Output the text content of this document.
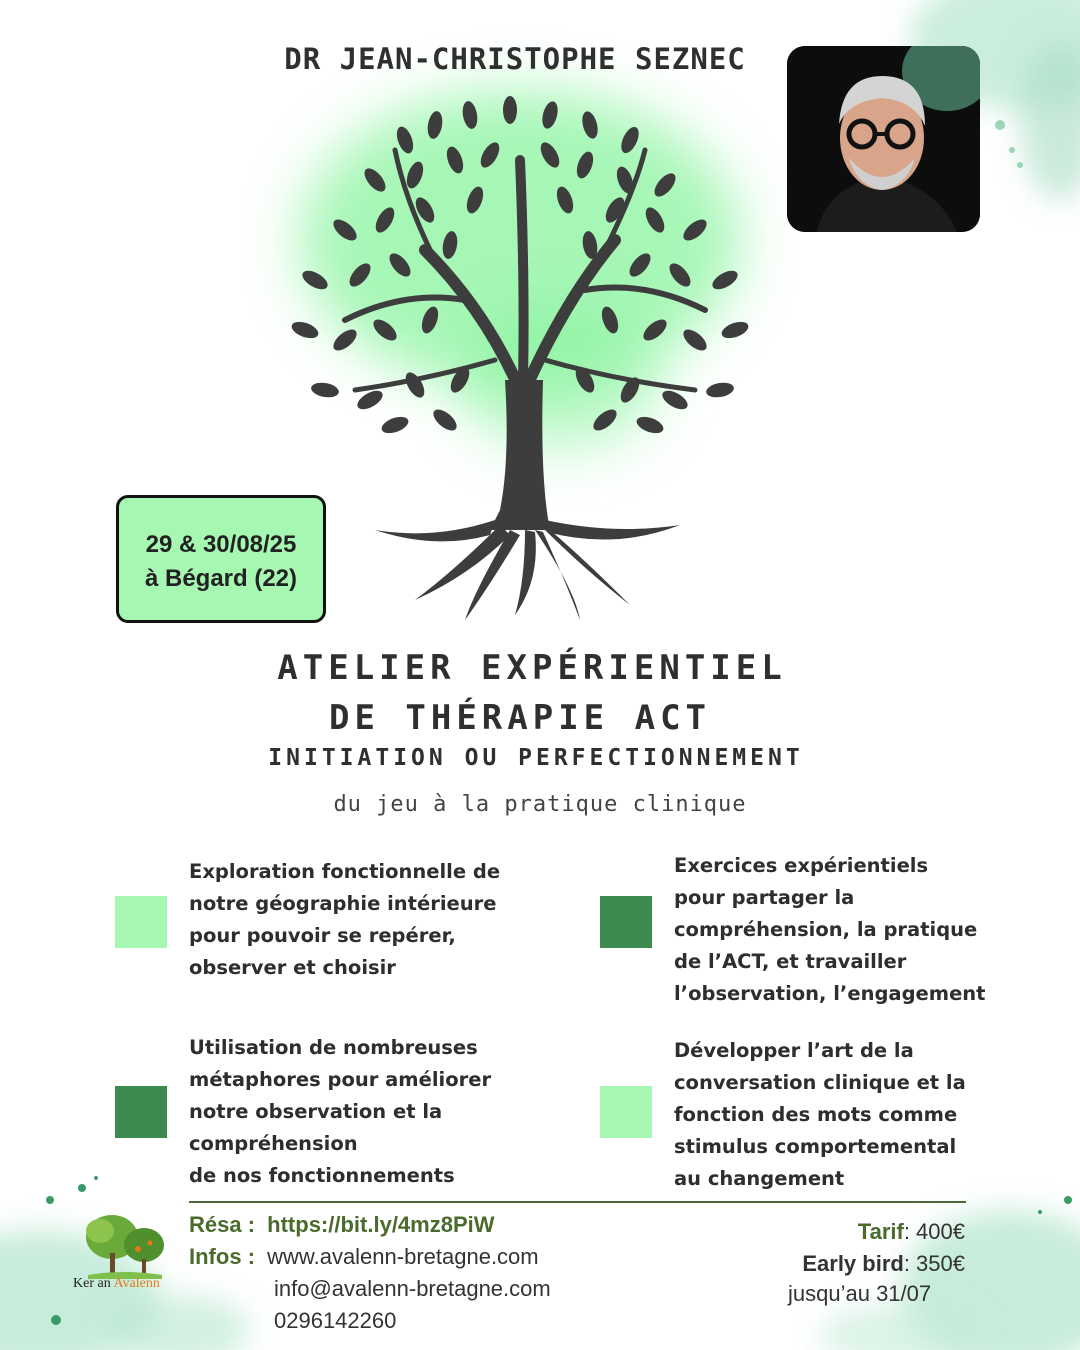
DR JEAN-CHRISTOPHE SEZNEC
29 & 30/08/25
à Bégard (22)
ATELIER EXPÉRIENTIEL
DE THÉRAPIE ACT
INITIATION OU PERFECTIONNEMENT
du jeu à la pratique clinique
Exploration fonctionnelle de
notre géographie intérieure
pour pouvoir se repérer,
observer et choisir
Exercices expérientiels
pour partager la
compréhension, la pratique
de l’ACT, et travailler
l’observation, l’engagement
Utilisation de nombreuses
métaphores pour améliorer
notre observation et la
compréhension
de nos fonctionnements
Développer l’art de la
conversation clinique et la
fonction des mots comme
stimulus comportemental
au changement
Résa : https://bit.ly/4mz8PiW
Infos : www.avalenn-bretagne.com
info@avalenn-bretagne.com
0296142260
Tarif: 400€
Early bird: 350€
jusqu’au 31/07
Ker an Avalenn
